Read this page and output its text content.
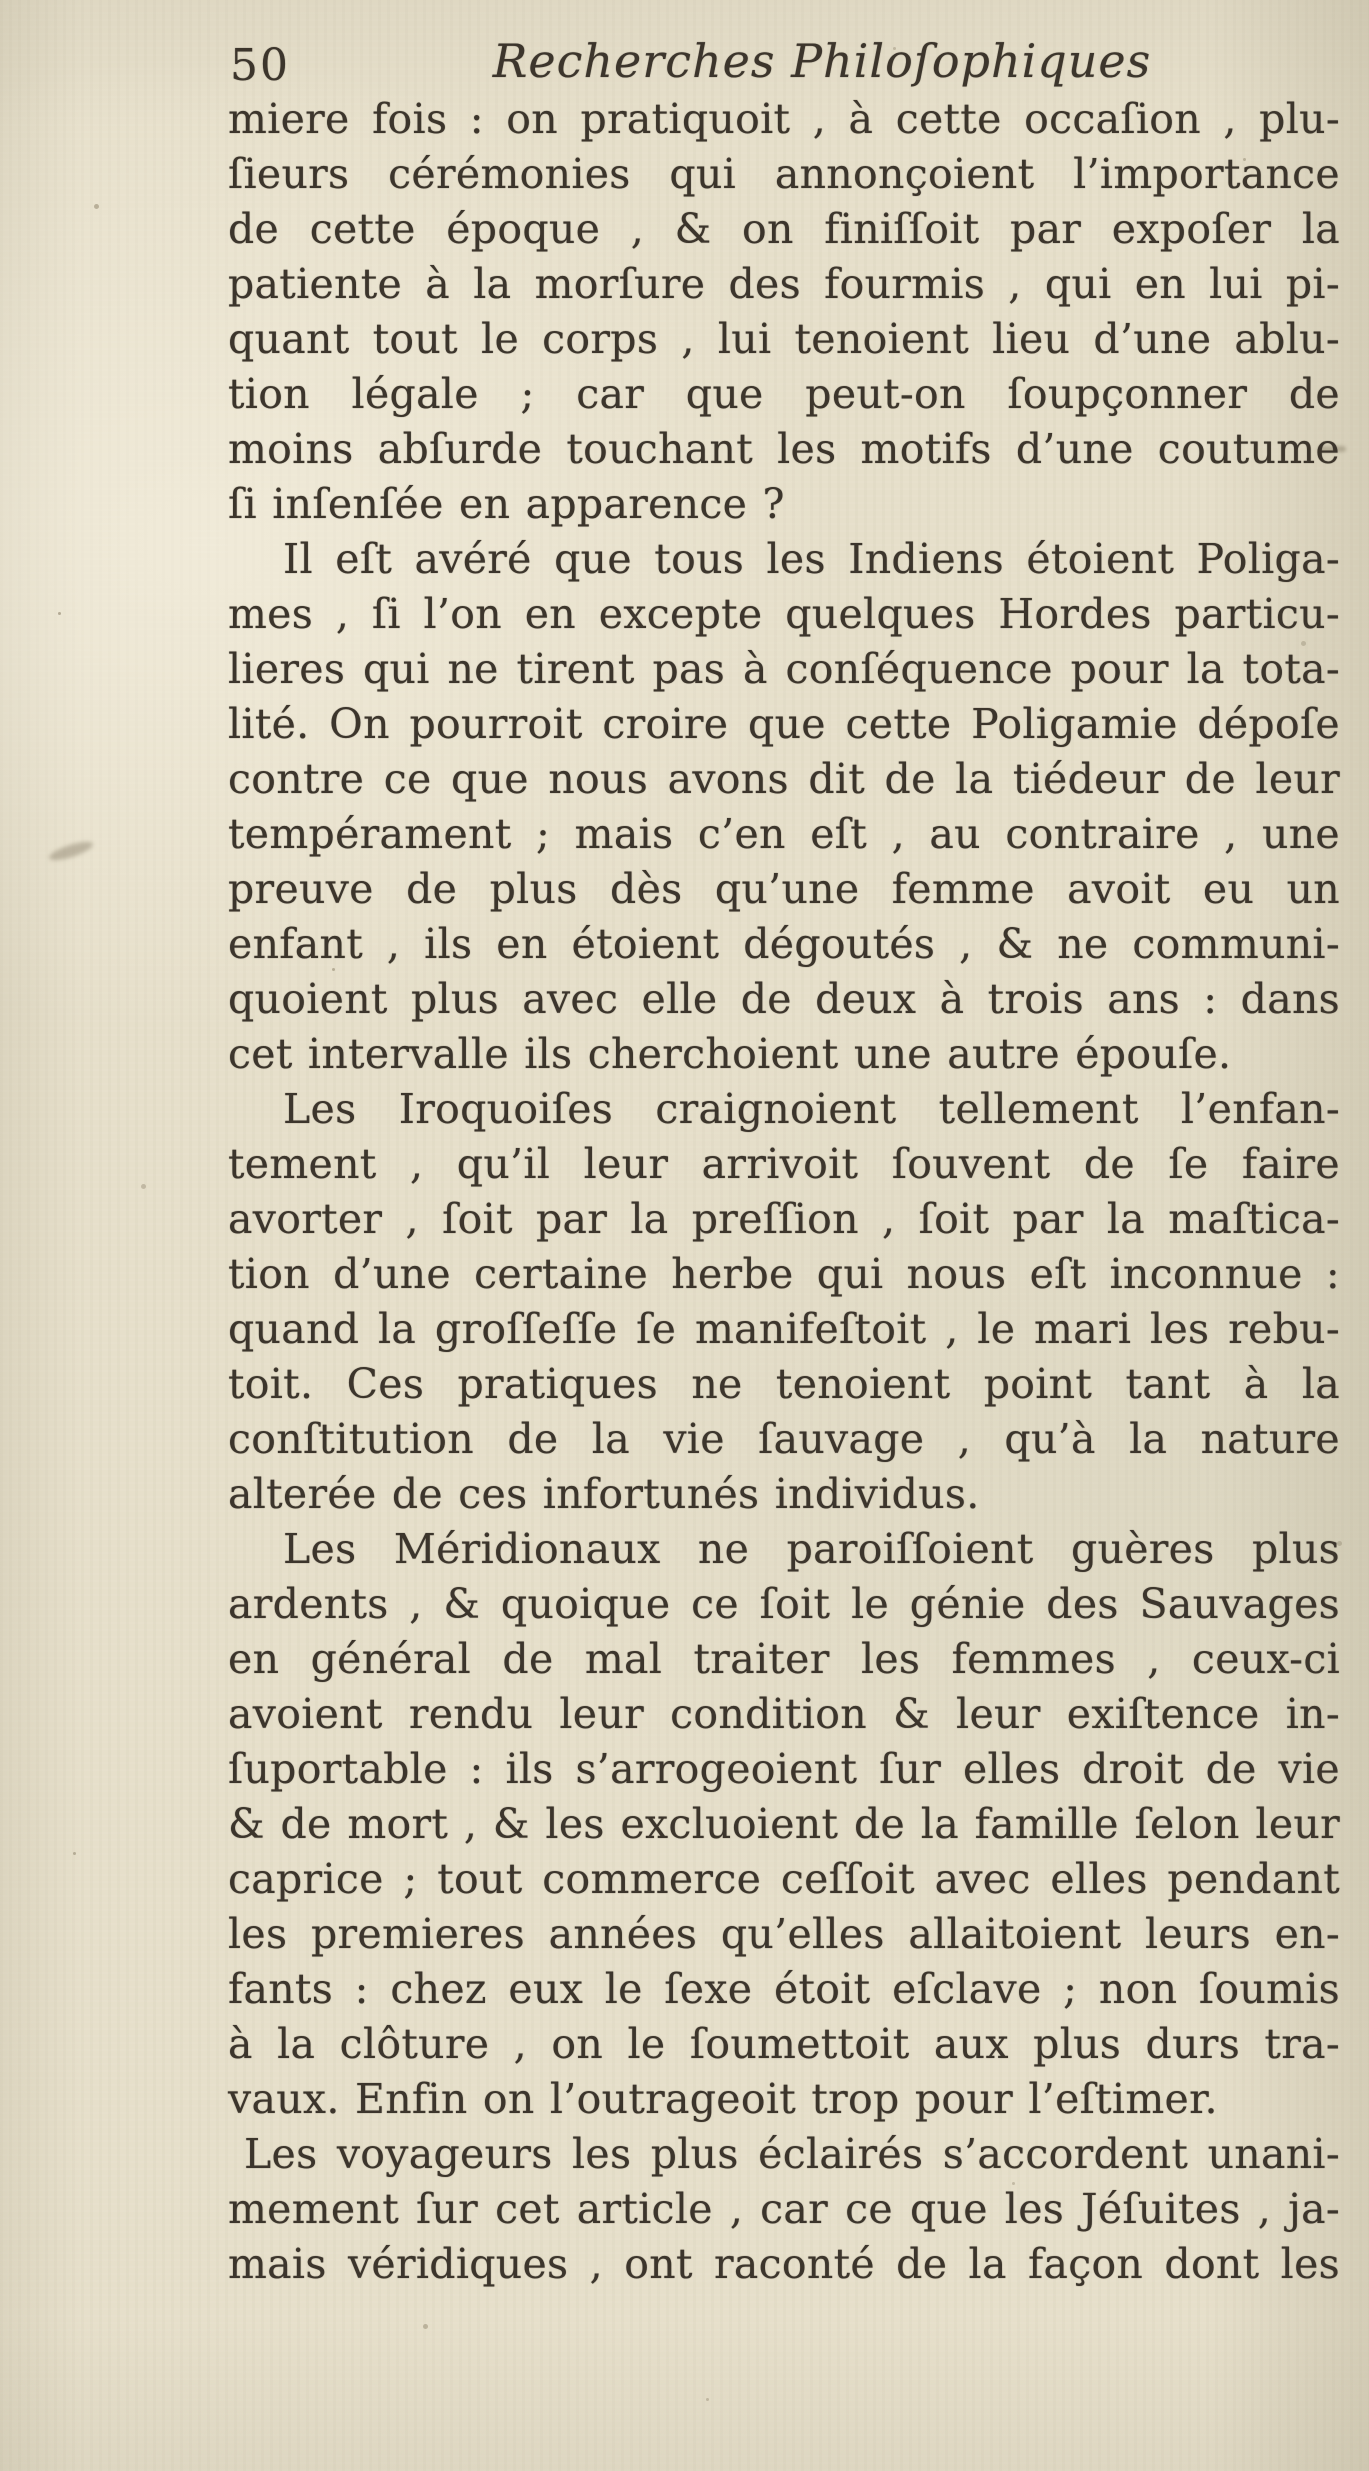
50	Recherches Philoſophiques
miere fois : on pratiquoit , à cette occaſion , plu-
ſieurs cérémonies qui annonçoient l’importance
de cette époque , & on finiſſoit par expoſer la
patiente à la morſure des fourmis , qui en lui pi-
quant tout le corps , lui tenoient lieu d’une ablu-
tion légale ; car que peut-on ſoupçonner de
moins abſurde touchant les motifs d’une coutume
ſi inſenſée en apparence ?
Il eſt avéré que tous les Indiens étoient Poliga-
mes , ſi l’on en excepte quelques Hordes particu-
lieres qui ne tirent pas à conſéquence pour la tota-
lité. On pourroit croire que cette Poligamie dépoſe
contre ce que nous avons dit de la tiédeur de leur
tempérament ; mais c’en eſt , au contraire , une
preuve de plus dès qu’une femme avoit eu un
enfant , ils en étoient dégoutés , & ne communi-
quoient plus avec elle de deux à trois ans : dans
cet intervalle ils cherchoient une autre épouſe.
Les Iroquoiſes craignoient tellement l’enfan-
tement , qu’il leur arrivoit ſouvent de ſe faire
avorter , ſoit par la preſſion , ſoit par la maſtica-
tion d’une certaine herbe qui nous eſt inconnue :
quand la groſſeſſe ſe manifeſtoit , le mari les rebu-
toit. Ces pratiques ne tenoient point tant à la
conſtitution de la vie ſauvage , qu’à la nature
alterée de ces infortunés individus.
Les Méridionaux ne paroiſſoient guères plus
ardents , & quoique ce ſoit le génie des Sauvages
en général de mal traiter les femmes , ceux-ci
avoient rendu leur condition & leur exiſtence in-
ſuportable : ils s’arrogeoient ſur elles droit de vie
& de mort , & les excluoient de la famille ſelon leur
caprice ; tout commerce ceſſoit avec elles pendant
les premieres années qu’elles allaitoient leurs en-
fants : chez eux le ſexe étoit eſclave ; non ſoumis
à la clôture , on le ſoumettoit aux plus durs tra-
vaux. Enfin on l’outrageoit trop pour l’eſtimer.
Les voyageurs les plus éclairés s’accordent unani-
mement ſur cet article , car ce que les Jéſuites , ja-
mais véridiques , ont raconté de la façon dont les
